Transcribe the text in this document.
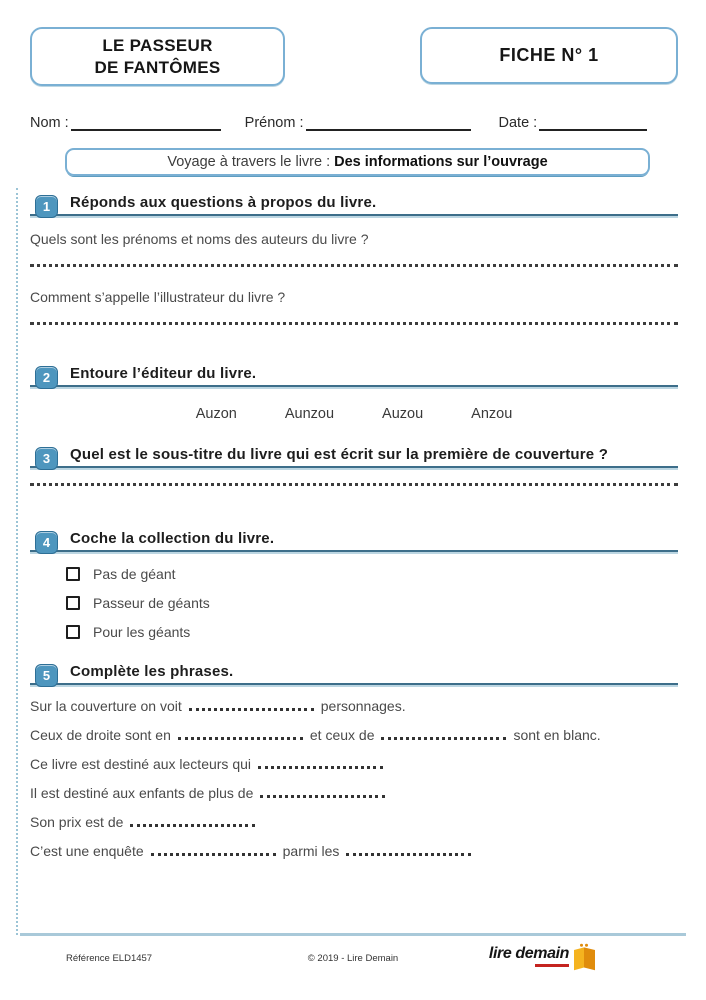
LE PASSEUR
DE FANTÔMES
FICHE N° 1
Nom :	Prénom :	Date :
Voyage à travers le livre : Des informations sur l’ouvrage
1	Réponds aux questions à propos du livre.
Quels sont les prénoms et noms des auteurs du livre ?
Comment s’appelle l’illustrateur du livre ?
2	Entoure l’éditeur du livre.
Auzon	Aunzou	Auzou	Anzou
3	Quel est le sous-titre du livre qui est écrit sur la première de couverture ?
4	Coche la collection du livre.
Pas de géant
Passeur de géants
Pour les géants
5	Complète les phrases.
Sur la couverture on voit	personnages.
Ceux de droite sont en	et ceux de	sont en blanc.
Ce livre est destiné aux lecteurs qui
Il est destiné aux enfants de plus de
Son prix est de
C’est une enquête	parmi les
Référence ELD1457	© 2019 - Lire Demain	lire demain
